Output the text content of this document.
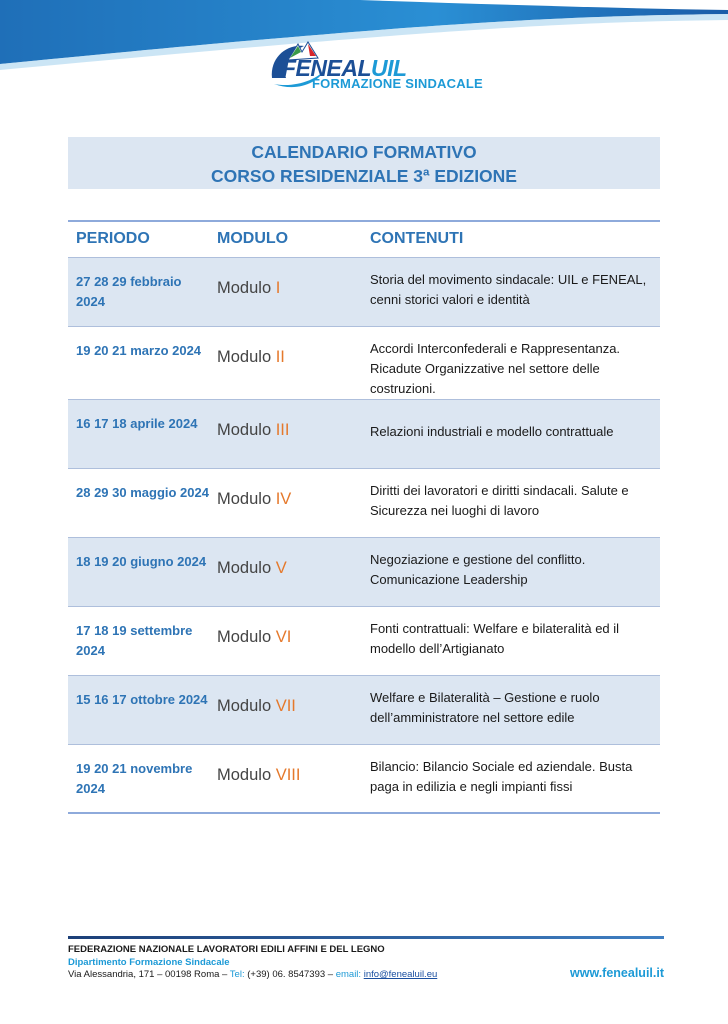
FENEALUIL
FORMAZIONE SINDACALE
CALENDARIO FORMATIVO
CORSO RESIDENZIALE 3ª EDIZIONE
PERIODO	MODULO	CONTENUTI
27 28 29 febbraio 2024	Modulo I	Storia del movimento sindacale: UIL e FENEAL, cenni storici valori e identità
19 20 21 marzo 2024	Modulo II	Accordi Interconfederali e Rappresentanza. Ricadute Organizzative nel settore delle costruzioni.
16 17 18 aprile 2024	Modulo III	Relazioni industriali e modello contrattuale
28 29 30 maggio 2024	Modulo IV	Diritti dei lavoratori e diritti sindacali. Salute e Sicurezza nei luoghi di lavoro
18 19 20 giugno 2024	Modulo V	Negoziazione e gestione del conflitto. Comunicazione Leadership
17 18 19 settembre 2024	Modulo VI	Fonti contrattuali: Welfare e bilateralità ed il modello dell’Artigianato
15 16 17 ottobre 2024	Modulo VII	Welfare e Bilateralità – Gestione e ruolo dell’amministratore nel settore edile
19 20 21 novembre 2024	Modulo VIII	Bilancio: Bilancio Sociale ed aziendale. Busta paga in edilizia e negli impianti fissi
FEDERAZIONE NAZIONALE LAVORATORI EDILI AFFINI E DEL LEGNO
Dipartimento Formazione Sindacale
Via Alessandria, 171 – 00198 Roma – Tel: (+39) 06. 8547393 – email: info@fenealuil.eu	www.fenealuil.it
